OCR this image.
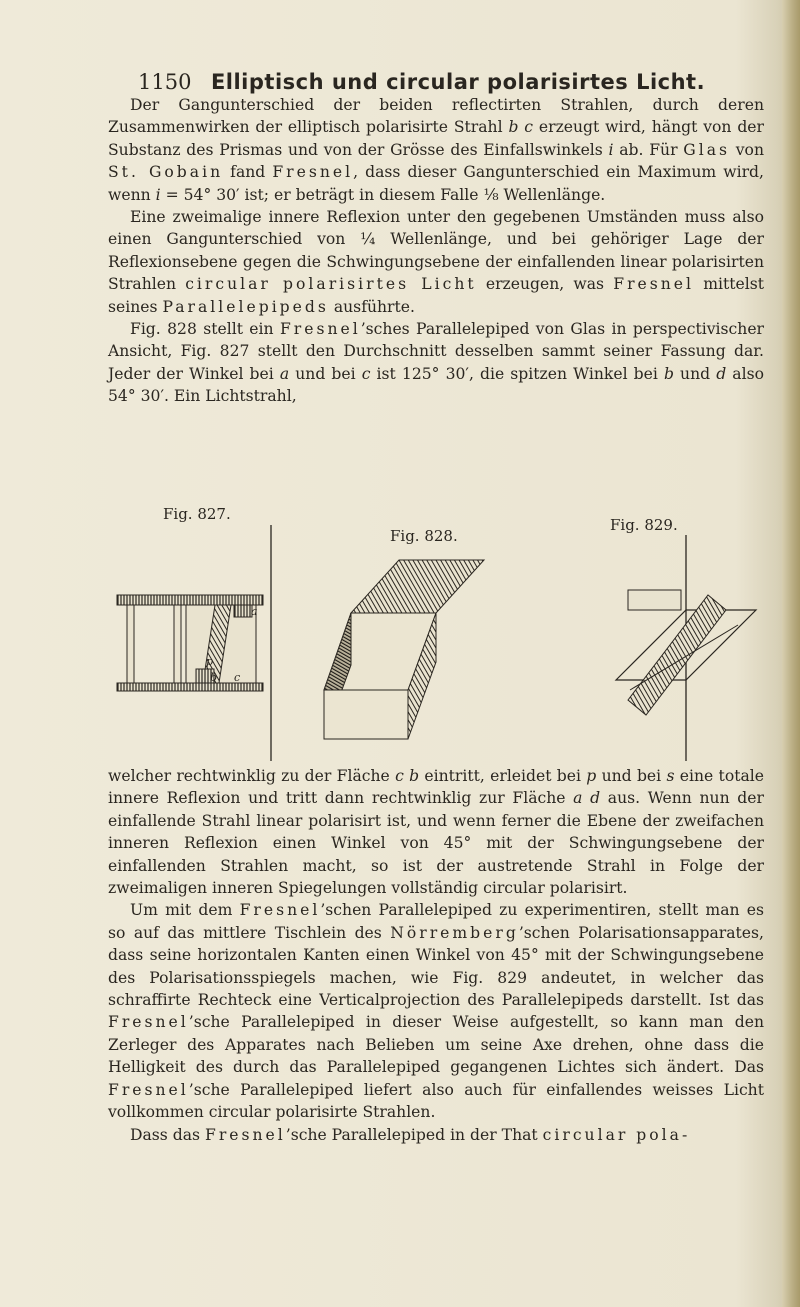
1150 Elliptisch und circular polarisirtes Licht.

Der Gangunterschied der beiden reflectirten Strahlen, durch deren Zusammenwirken der elliptisch polarisirte Strahl b c erzeugt wird, hängt von der Substanz des Prismas und von der Grösse des Einfallswinkels i ab. Für Glas von St. Gobain fand Fresnel, dass dieser Gangunterschied ein Maximum wird, wenn i = 54° 30′ ist; er beträgt in diesem Falle ⅛ Wellenlänge.

Eine zweimalige innere Reflexion unter den gegebenen Umständen muss also einen Gangunterschied von ¼ Wellenlänge, und bei gehöriger Lage der Reflexionsebene gegen die Schwingungsebene der einfallenden linear polarisirten Strahlen circular polarisirtes Licht erzeugen, was Fresnel mittelst seines Parallelepipeds ausführte.

Fig. 828 stellt ein Fresnel’sches Parallelepiped von Glas in perspectivischer Ansicht, Fig. 827 stellt den Durchschnitt desselben sammt seiner Fassung dar. Jeder der Winkel bei a und bei c ist 125° 30′, die spitzen Winkel bei b und d also 54° 30′. Ein Lichtstrahl,

Fig. 827.
Fig. 828.
Fig. 829.
a
p
b c

welcher rechtwinklig zu der Fläche c b eintritt, erleidet bei p und bei s eine totale innere Reflexion und tritt dann rechtwinklig zur Fläche a d aus. Wenn nun der einfallende Strahl linear polarisirt ist, und wenn ferner die Ebene der zweifachen inneren Reflexion einen Winkel von 45° mit der Schwingungsebene der einfallenden Strahlen macht, so ist der austretende Strahl in Folge der zweimaligen inneren Spiegelungen vollständig circular polarisirt.

Um mit dem Fresnel’schen Parallelepiped zu experimentiren, stellt man es so auf das mittlere Tischlein des Nörremberg’schen Polarisationsapparates, dass seine horizontalen Kanten einen Winkel von 45° mit der Schwingungsebene des Polarisationsspiegels machen, wie Fig. 829 andeutet, in welcher das schraffirte Rechteck eine Verticalprojection des Parallelepipeds darstellt. Ist das Fresnel’sche Parallelepiped in dieser Weise aufgestellt, so kann man den Zerleger des Apparates nach Belieben um seine Axe drehen, ohne dass die Helligkeit des durch das Parallelepiped gegangenen Lichtes sich ändert. Das Fresnel’sche Parallelepiped liefert also auch für einfallendes weisses Licht vollkommen circular polarisirte Strahlen.

Dass das Fresnel’sche Parallelepiped in der That circular pola-
